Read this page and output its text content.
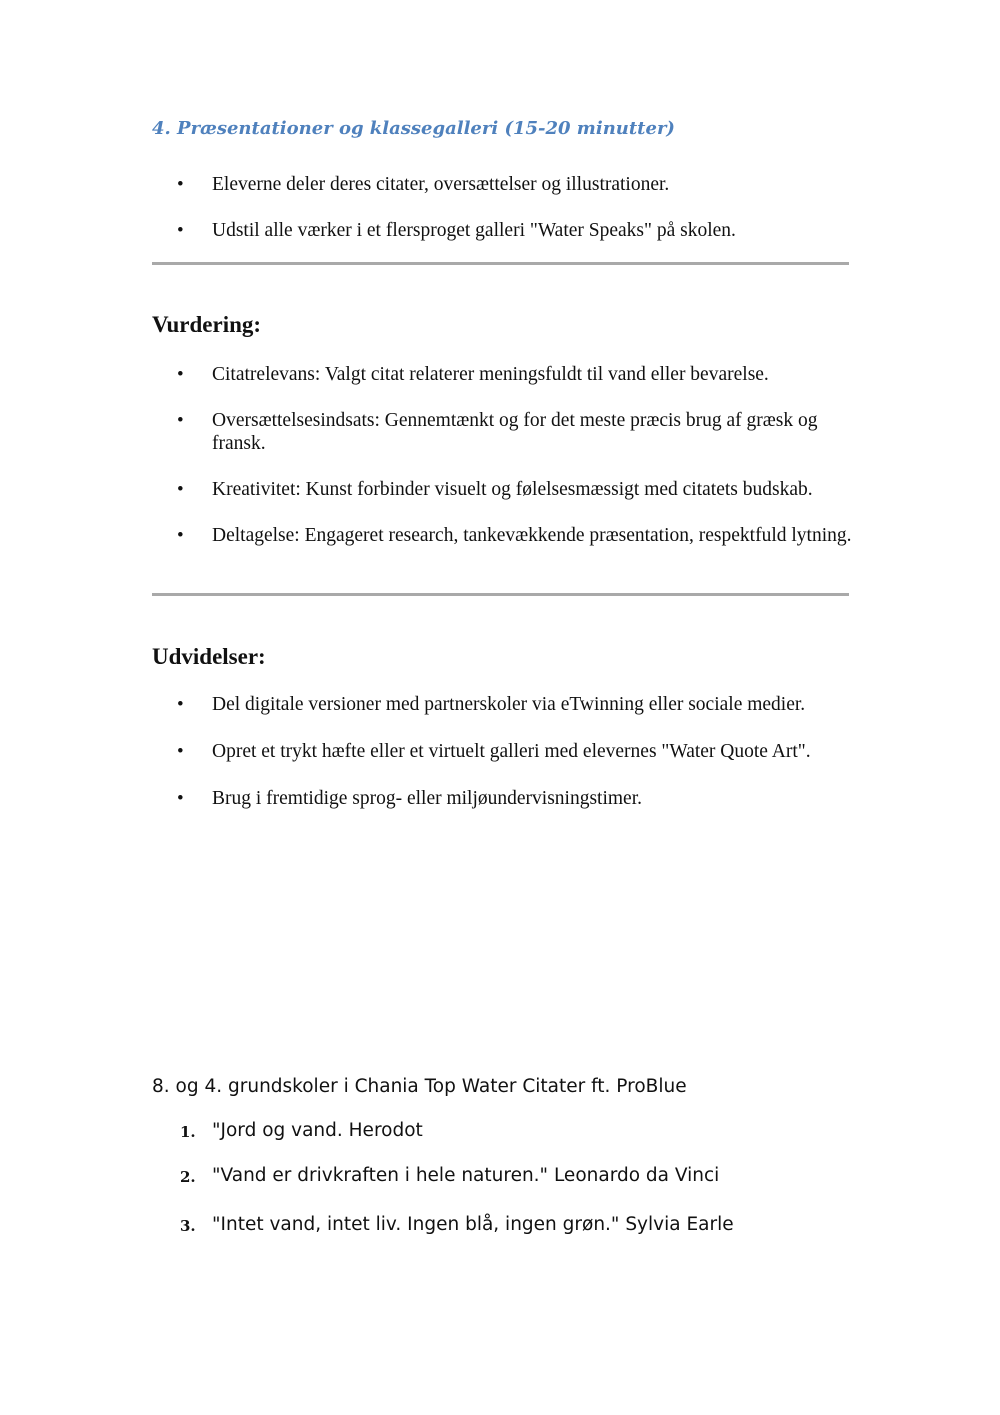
4. Præsentationer og klassegalleri (15-20 minutter)
• Eleverne deler deres citater, oversættelser og illustrationer.
• Udstil alle værker i et flersproget galleri "Water Speaks" på skolen.
Vurdering:
• Citatrelevans: Valgt citat relaterer meningsfuldt til vand eller bevarelse.
• Oversættelsesindsats: Gennemtænkt og for det meste præcis brug af græsk og fransk.
• Kreativitet: Kunst forbinder visuelt og følelsesmæssigt med citatets budskab.
• Deltagelse: Engageret research, tankevækkende præsentation, respektfuld lytning.
Udvidelser:
• Del digitale versioner med partnerskoler via eTwinning eller sociale medier.
• Opret et trykt hæfte eller et virtuelt galleri med elevernes "Water Quote Art".
• Brug i fremtidige sprog- eller miljøundervisningstimer.

8. og 4. grundskoler i Chania Top Water Citater ft. ProBlue

1. "Jord og vand. Herodot
2. "Vand er drivkraften i hele naturen." Leonardo da Vinci
3. "Intet vand, intet liv. Ingen blå, ingen grøn." Sylvia Earle
